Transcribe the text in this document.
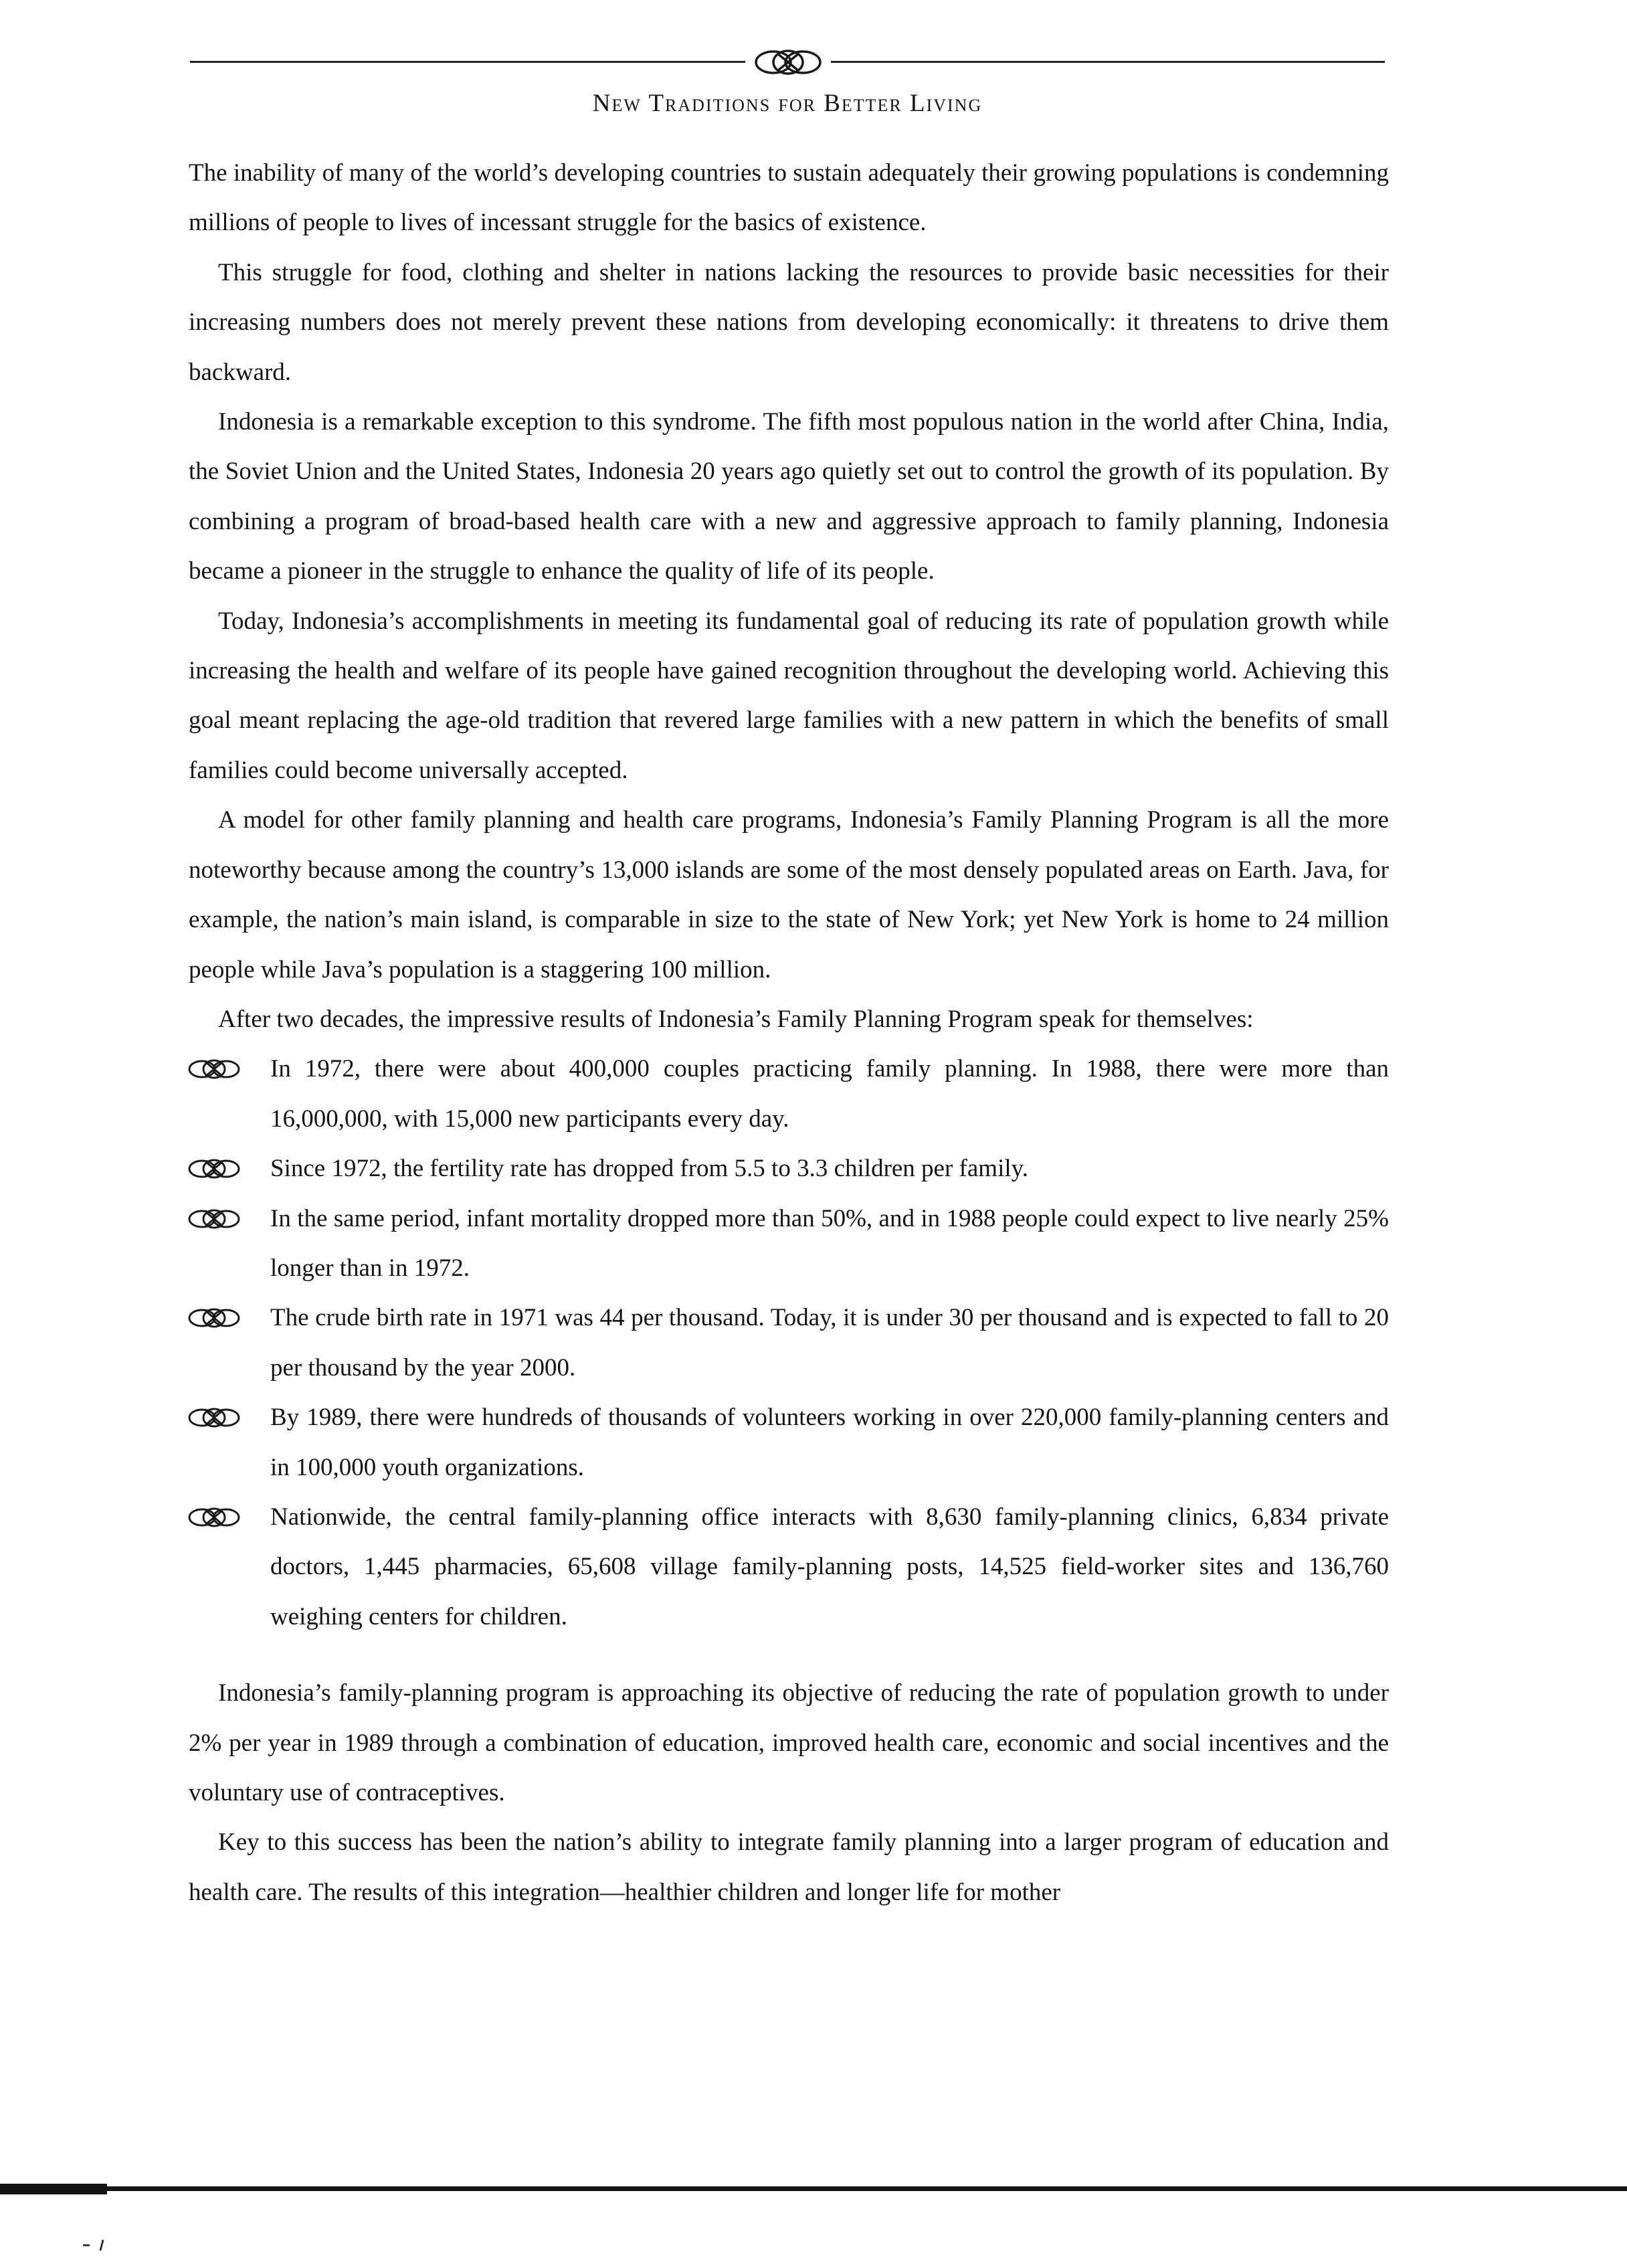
New Traditions for Better Living

The inability of many of the world’s developing countries to sustain adequately their growing populations is condemning millions of people to lives of incessant struggle for the basics of existence.

This struggle for food, clothing and shelter in nations lacking the resources to provide basic necessities for their increasing numbers does not merely prevent these nations from developing economically: it threatens to drive them backward.

Indonesia is a remarkable exception to this syndrome. The fifth most populous nation in the world after China, India, the Soviet Union and the United States, Indonesia 20 years ago quietly set out to control the growth of its population. By combining a program of broad-based health care with a new and aggressive approach to family planning, Indonesia became a pioneer in the struggle to enhance the quality of life of its people.

Today, Indonesia’s accomplishments in meeting its fundamental goal of reducing its rate of population growth while increasing the health and welfare of its people have gained recognition throughout the developing world. Achieving this goal meant replacing the age-old tradition that revered large families with a new pattern in which the benefits of small families could become universally accepted.

A model for other family planning and health care programs, Indonesia’s Family Planning Program is all the more noteworthy because among the country’s 13,000 islands are some of the most densely populated areas on Earth. Java, for example, the nation’s main island, is comparable in size to the state of New York; yet New York is home to 24 million people while Java’s population is a staggering 100 million.

After two decades, the impressive results of Indonesia’s Family Planning Program speak for themselves:

In 1972, there were about 400,000 couples practicing family planning. In 1988, there were more than 16,000,000, with 15,000 new participants every day.
Since 1972, the fertility rate has dropped from 5.5 to 3.3 children per family.
In the same period, infant mortality dropped more than 50%, and in 1988 people could expect to live nearly 25% longer than in 1972.
The crude birth rate in 1971 was 44 per thousand. Today, it is under 30 per thousand and is expected to fall to 20 per thousand by the year 2000.
By 1989, there were hundreds of thousands of volunteers working in over 220,000 family-planning centers and in 100,000 youth organizations.
Nationwide, the central family-planning office interacts with 8,630 family-planning clinics, 6,834 private doctors, 1,445 pharmacies, 65,608 village family-planning posts, 14,525 field-worker sites and 136,760 weighing centers for children.

Indonesia’s family-planning program is approaching its objective of reducing the rate of population growth to under 2% per year in 1989 through a combination of education, improved health care, economic and social incentives and the voluntary use of contraceptives.

Key to this success has been the nation’s ability to integrate family planning into a larger program of education and health care. The results of this integration—healthier children and longer life for mother
